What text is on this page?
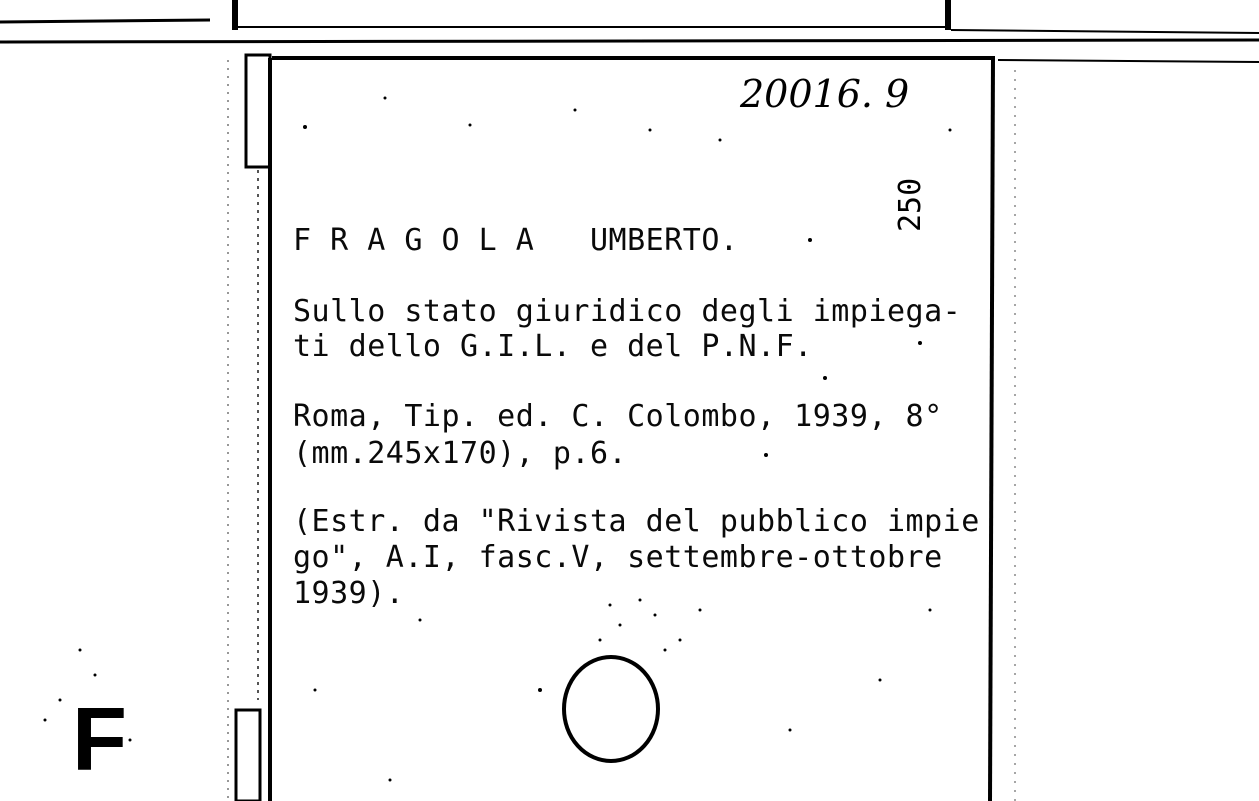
20016. 9
250
F R A G O L A   UMBERTO.
Sullo stato giuridico degli impiega-
ti dello G.I.L. e del P.N.F.
Roma, Tip. ed. C. Colombo, 1939, 8°
(mm.245x170), p.6.
(Estr. da "Rivista del pubblico impie
go", A.I, fasc.V, settembre-ottobre
1939).
F
